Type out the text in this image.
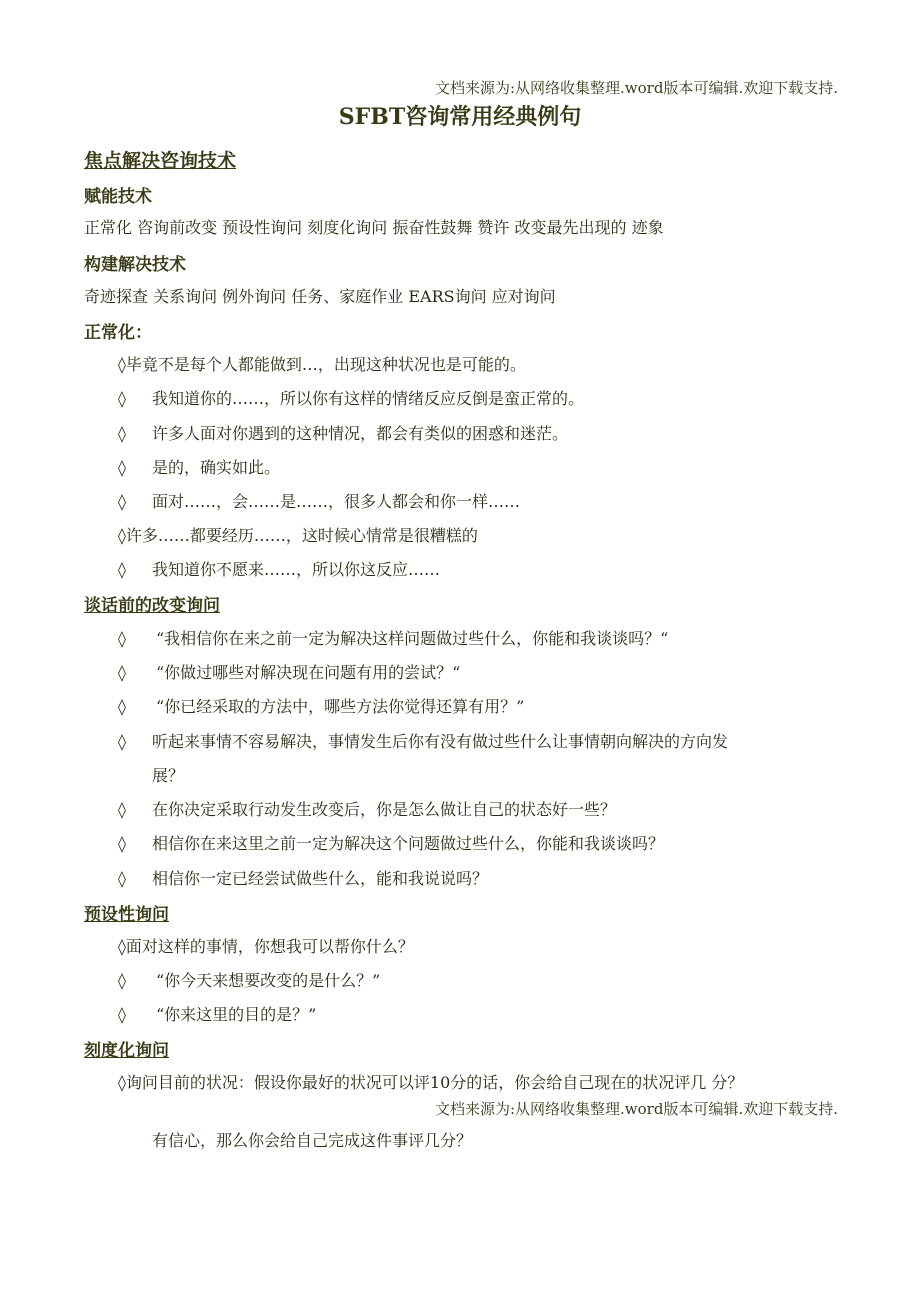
文档来源为:从网络收集整理.word版本可编辑.欢迎下载支持.
SFBT咨询常用经典例句
焦点解决咨询技术
赋能技术
正常化 咨询前改变 预设性询问 刻度化询问 振奋性鼓舞 赞许 改变最先出现的 迹象
构建解决技术
奇迹探查 关系询问 例外询问 任务、家庭作业 EARS询问 应对询问
正常化：
◊毕竟不是每个人都能做到…，出现这种状况也是可能的。
◊ 我知道你的……，所以你有这样的情绪反应反倒是蛮正常的。
◊ 许多人面对你遇到的这种情况，都会有类似的困惑和迷茫。
◊ 是的，确实如此。
◊ 面对……，会……是……，很多人都会和你一样……
◊许多……都要经历……，这时候心情常是很糟糕的
◊ 我知道你不愿来……，所以你这反应……
谈话前的改变询问
◊ “我相信你在来之前一定为解决这样问题做过些什么，你能和我谈谈吗？“
◊ “你做过哪些对解决现在问题有用的尝试？“
◊ “你已经采取的方法中，哪些方法你觉得还算有用？”
◊ 听起来事情不容易解决，事情发生后你有没有做过些什么让事情朝向解决的方向发
展？
◊ 在你决定采取行动发生改变后，你是怎么做让自己的状态好一些？
◊ 相信你在来这里之前一定为解决这个问题做过些什么，你能和我谈谈吗？
◊ 相信你一定已经尝试做些什么，能和我说说吗？
预设性询问
◊面对这样的事情，你想我可以帮你什么？
◊ “你今天来想要改变的是什么？”
◊ “你来这里的目的是？”
刻度化询问
◊询问目前的状况：假设你最好的状况可以评10分的话，你会给自己现在的状况评几 分？
文档来源为:从网络收集整理.word版本可编辑.欢迎下载支持.
有信心，那么你会给自己完成这件事评几分？
